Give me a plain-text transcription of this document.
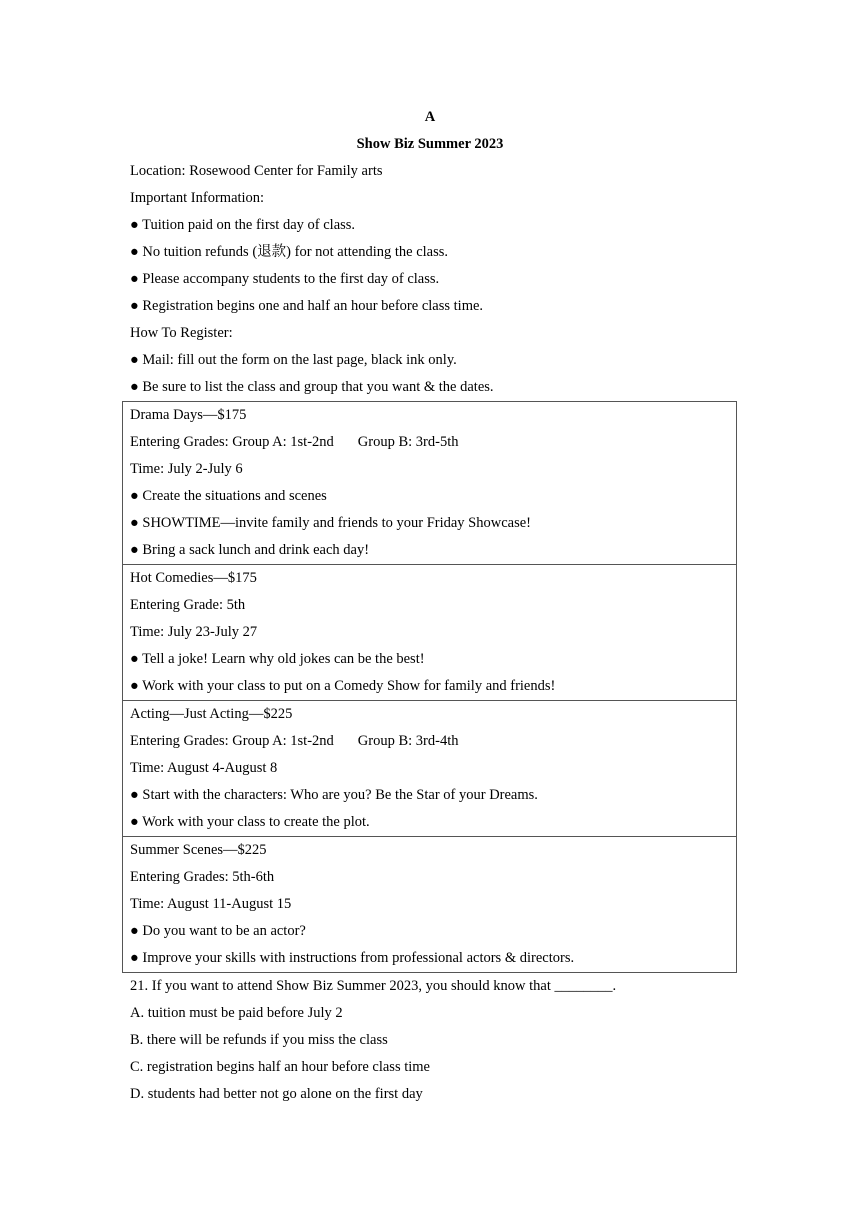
A
Show Biz Summer 2023
Location: Rosewood Center for Family arts
Important Information:
● Tuition paid on the first day of class.
● No tuition refunds (退款) for not attending the class.
● Please accompany students to the first day of class.
● Registration begins one and half an hour before class time.
How To Register:
● Mail: fill out the form on the last page, black ink only.
● Be sure to list the class and group that you want & the dates.
Drama Days—$175
Entering Grades: Group A: 1st-2nd Group B: 3rd-5th
Time: July 2-July 6
● Create the situations and scenes
● SHOWTIME—invite family and friends to your Friday Showcase!
● Bring a sack lunch and drink each day!
Hot Comedies—$175
Entering Grade: 5th
Time: July 23-July 27
● Tell a joke! Learn why old jokes can be the best!
● Work with your class to put on a Comedy Show for family and friends!
Acting—Just Acting—$225
Entering Grades: Group A: 1st-2nd Group B: 3rd-4th
Time: August 4-August 8
● Start with the characters: Who are you? Be the Star of your Dreams.
● Work with your class to create the plot.
Summer Scenes—$225
Entering Grades: 5th-6th
Time: August 11-August 15
● Do you want to be an actor?
● Improve your skills with instructions from professional actors & directors.
21. If you want to attend Show Biz Summer 2023, you should know that ________.
A. tuition must be paid before July 2
B. there will be refunds if you miss the class
C. registration begins half an hour before class time
D. students had better not go alone on the first day
